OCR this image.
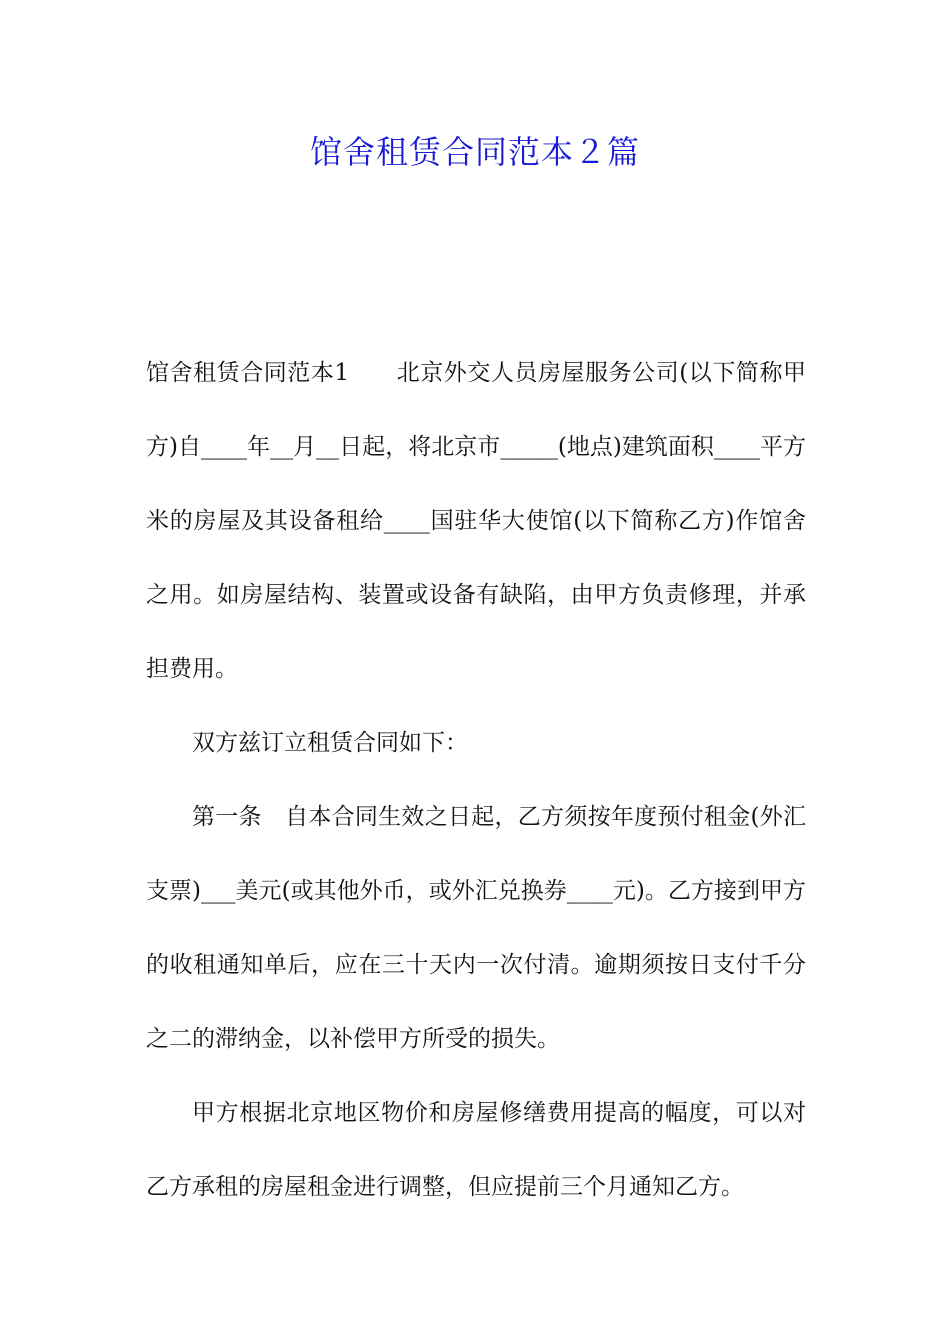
馆舍租赁合同范本２篇

馆舍租赁合同范本1　　北京外交人员房屋服务公司(以下简称甲方)自____年__月__日起，将北京市_____(地点)建筑面积____平方米的房屋及其设备租给____国驻华大使馆(以下简称乙方)作馆舍之用。如房屋结构、装置或设备有缺陷，由甲方负责修理，并承担费用。

双方兹订立租赁合同如下：

第一条　自本合同生效之日起，乙方须按年度预付租金(外汇支票)___美元(或其他外币，或外汇兑换券____元)。乙方接到甲方的收租通知单后，应在三十天内一次付清。逾期须按日支付千分之二的滞纳金，以补偿甲方所受的损失。

甲方根据北京地区物价和房屋修缮费用提高的幅度，可以对乙方承租的房屋租金进行调整，但应提前三个月通知乙方。
